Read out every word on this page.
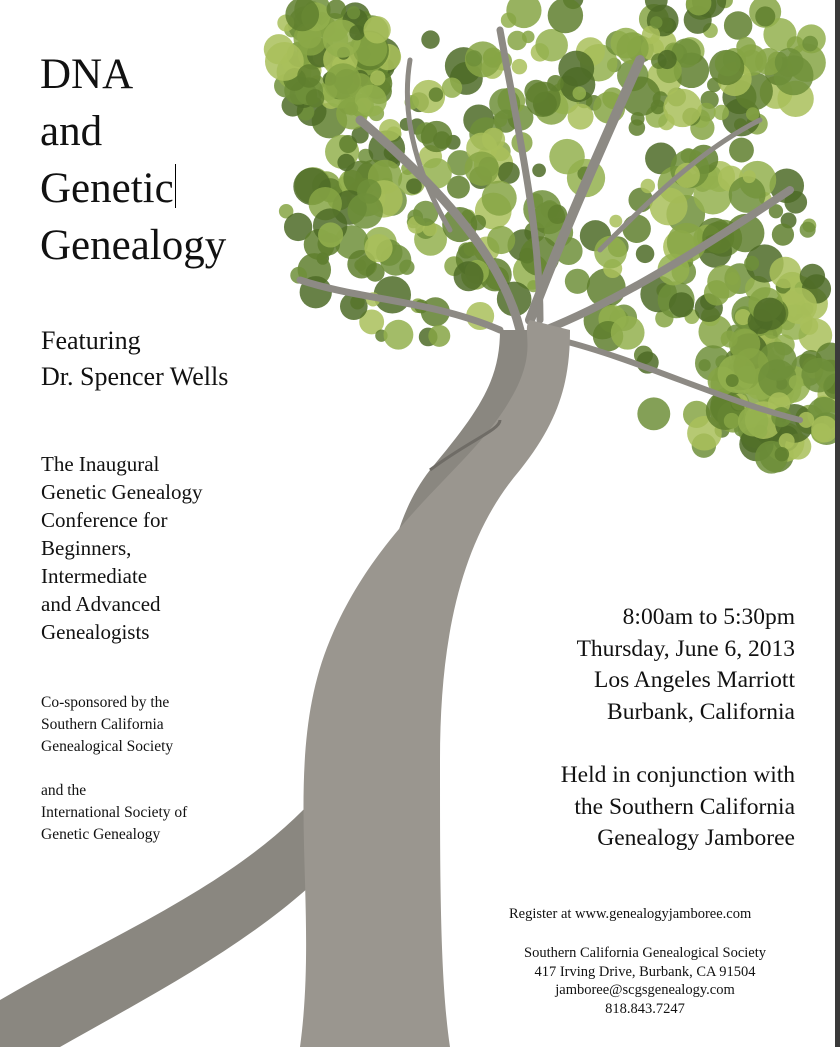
DNA
and
Genetic
Genealogy
Featuring
Dr. Spencer Wells
The Inaugural
Genetic Genealogy
Conference for
Beginners,
Intermediate
and Advanced
Genealogists
Co-sponsored by the
Southern California
Genealogical Society
and the
International Society of
Genetic Genealogy
8:00am to 5:30pm
Thursday, June 6, 2013
Los Angeles Marriott
Burbank, California
Held in conjunction with
the Southern California
Genealogy Jamboree
Register at www.genealogyjamboree.com
Southern California Genealogical Society
417 Irving Drive, Burbank, CA 91504
jamboree@scgsgenealogy.com
818.843.7247
